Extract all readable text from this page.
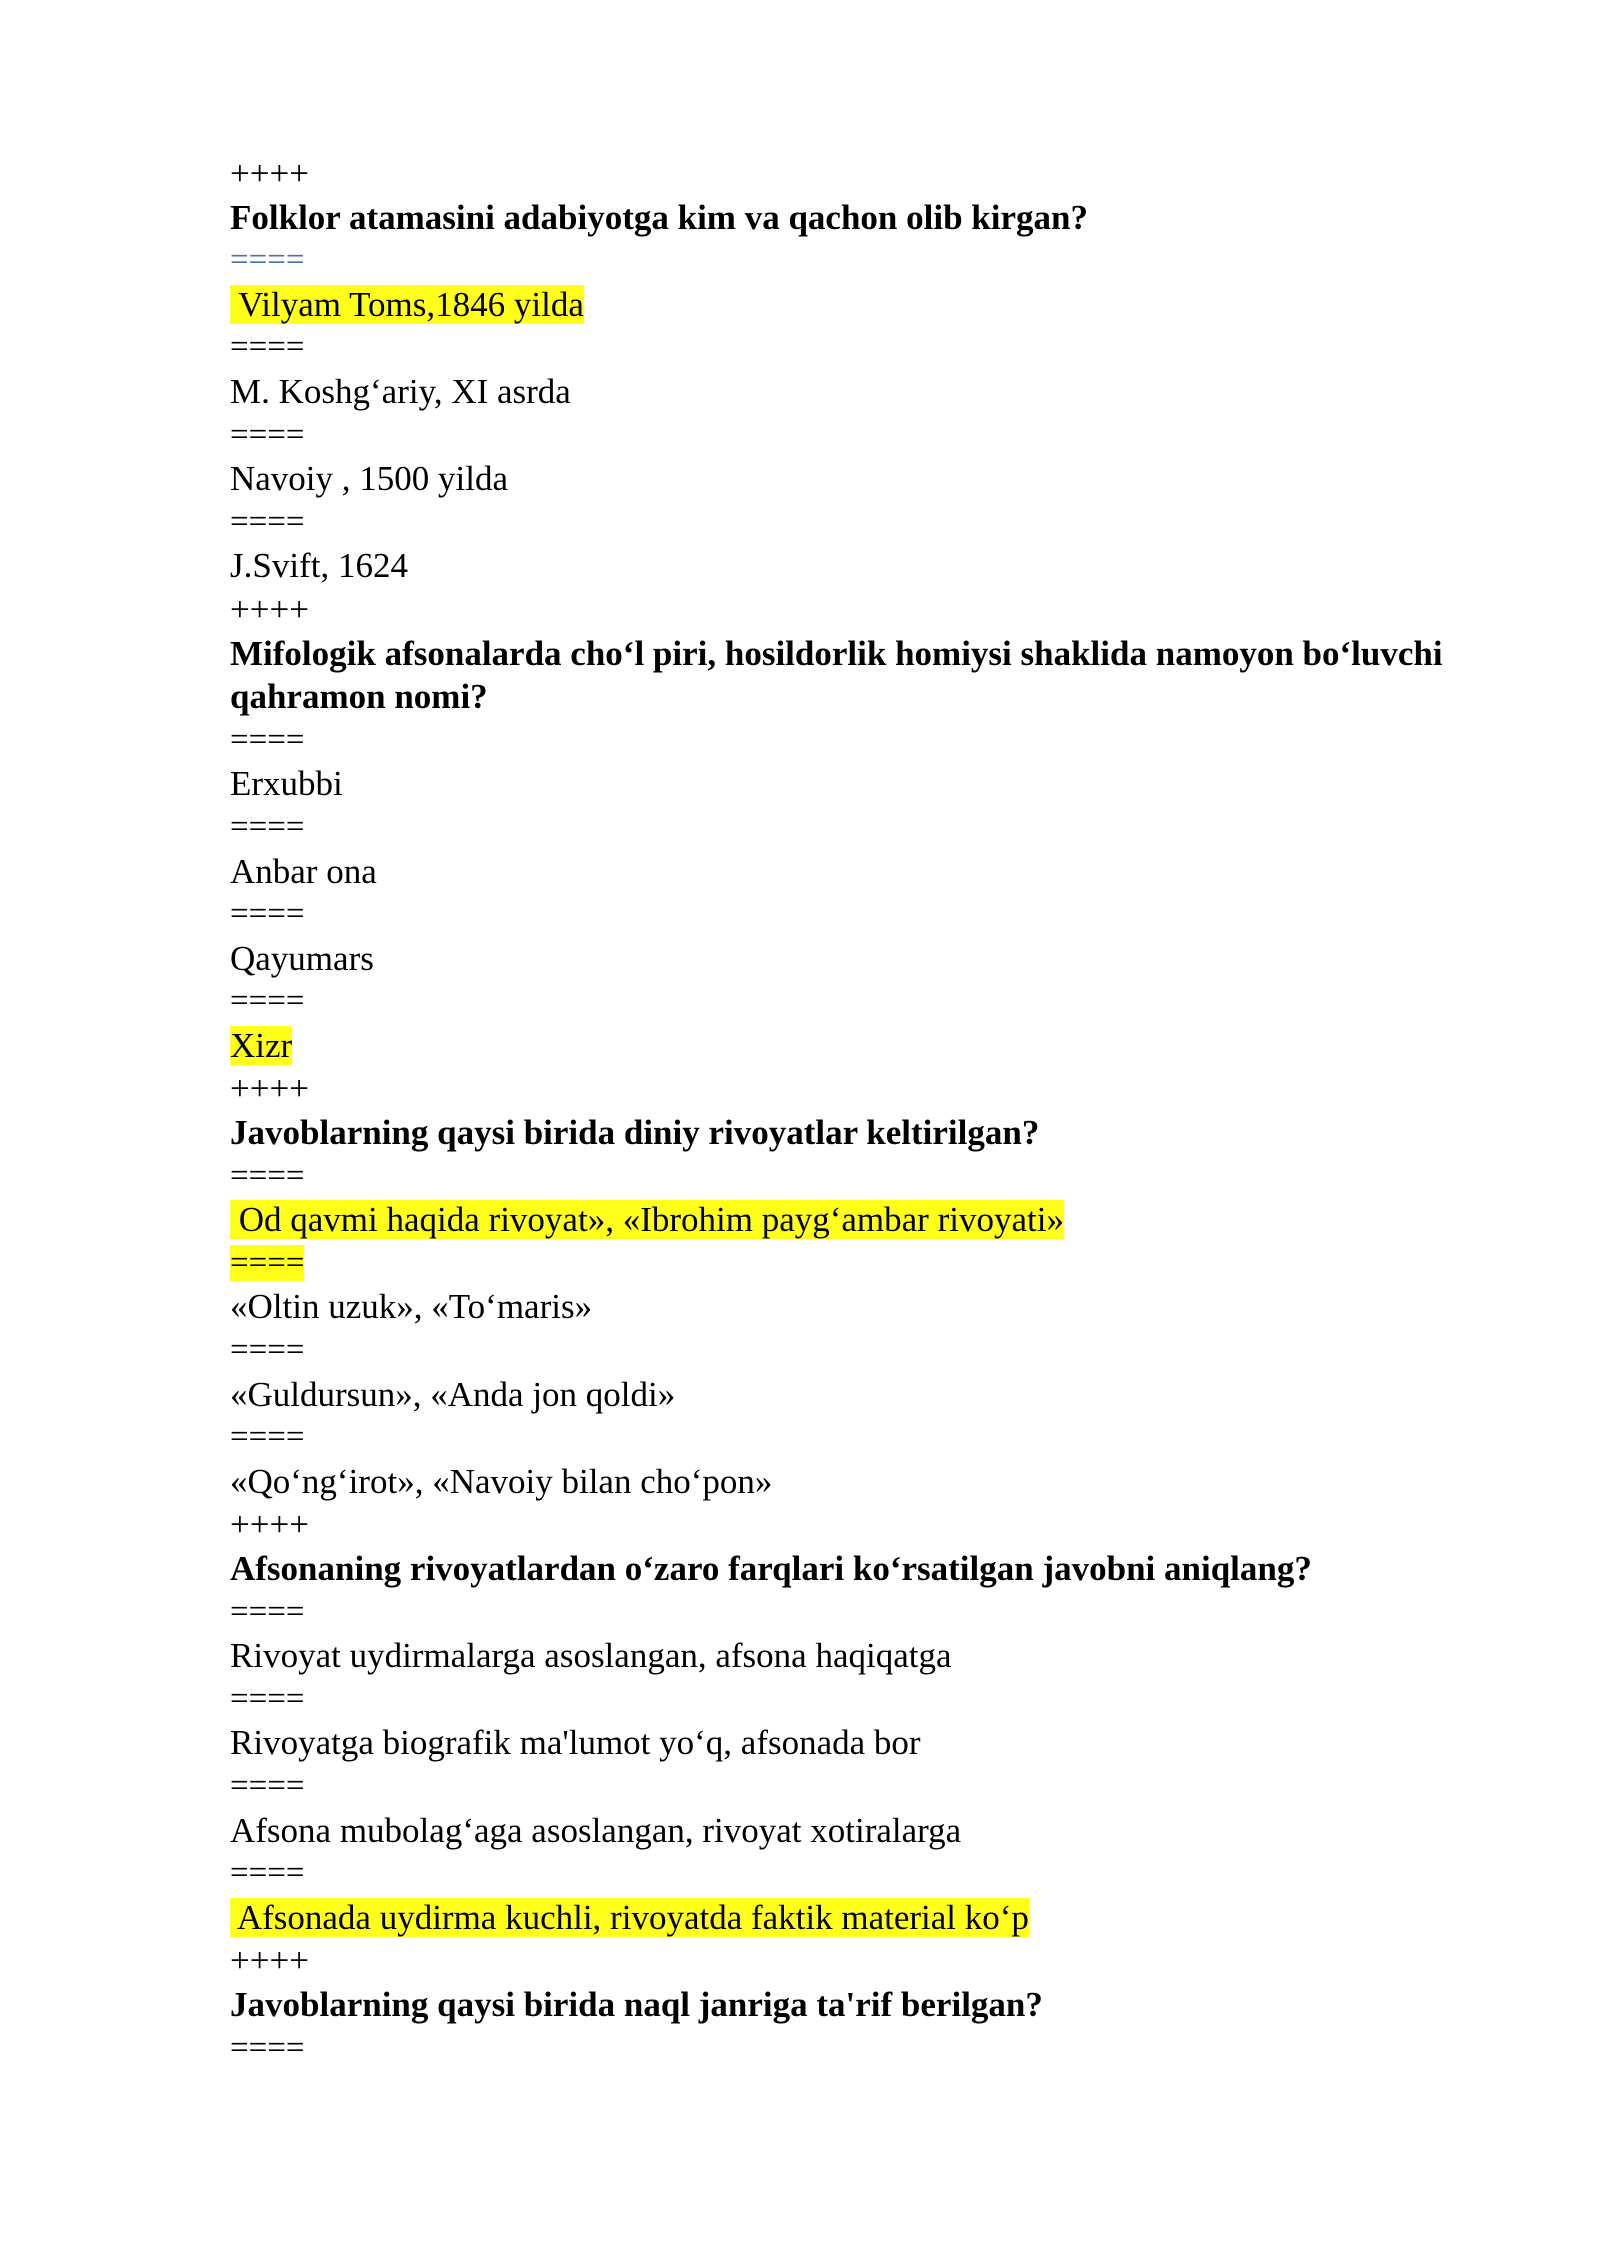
++++
Folklor atamasini adabiyotga kim va qachon olib kirgan?
====
Vilyam Toms,1846 yilda
====
M. Koshg‘ariy, XI asrda
====
Navoiy , 1500 yilda
====
J.Svift, 1624
++++
Mifologik afsonalarda cho‘l piri, hosildorlik homiysi shaklida namoyon bo‘luvchi qahramon nomi?
====
Erxubbi
====
Anbar ona
====
Qayumars
====
Xizr
++++
Javoblarning qaysi birida diniy rivoyatlar keltirilgan?
====
Od qavmi haqida rivoyat», «Ibrohim payg‘ambar rivoyati»
====
«Oltin uzuk», «To‘maris»
====
«Guldursun», «Anda jon qoldi»
====
«Qo‘ng‘irot», «Navoiy bilan cho‘pon»
++++
Afsonaning rivoyatlardan o‘zaro farqlari ko‘rsatilgan javobni aniqlang?
====
Rivoyat uydirmalarga asoslangan, afsona haqiqatga
====
Rivoyatga biografik ma'lumot yo‘q, afsonada bor
====
Afsona mubolag‘aga asoslangan, rivoyat xotiralarga
====
Afsonada uydirma kuchli, rivoyatda faktik material ko‘p
++++
Javoblarning qaysi birida naql janriga ta'rif berilgan?
====
